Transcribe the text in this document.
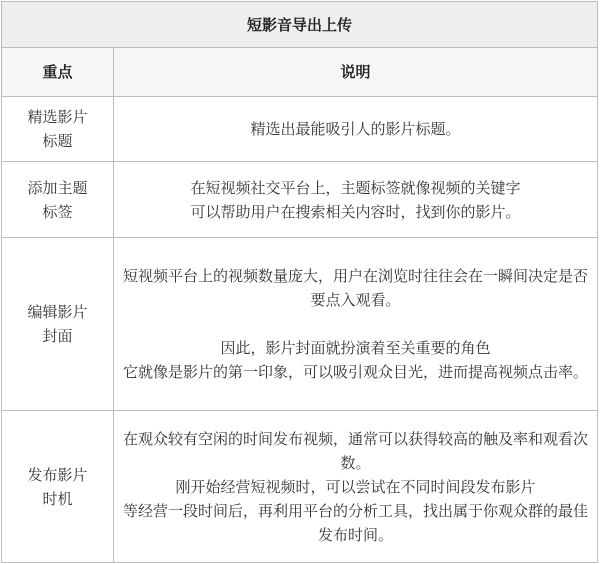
短影音导出上传	
重点	说明
精选影片标题	精选出最能吸引人的影片标题。

添加主题标签	在短视频社交平台上，主题标签就像视频的关键字
可以帮助用户在搜索相关内容时，找到你的影片。

编辑影片封面	短视频平台上的视频数量庞大，用户在浏览时往往会在一瞬间决定是否要点入观看。
因此，影片封面就扮演着至关重要的角色
它就像是影片的第一印象，可以吸引观众目光，进而提高视频点击率。

发布影片时机	在观众较有空闲的时间发布视频，通常可以获得较高的触及率和观看次数。
刚开始经营短视频时，可以尝试在不同时间段发布影片
等经营一段时间后，再利用平台的分析工具，找出属于你观众群的最佳发布时间。
